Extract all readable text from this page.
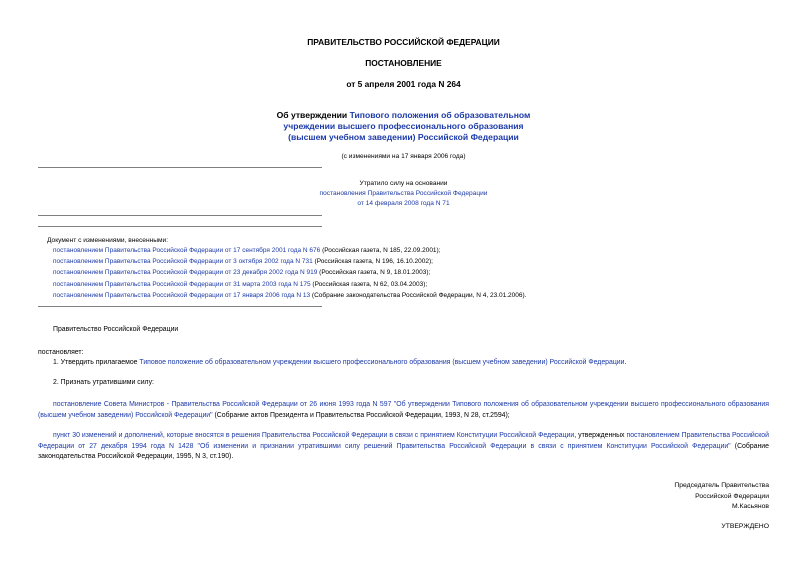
ПРАВИТЕЛЬСТВО РОССИЙСКОЙ ФЕДЕРАЦИИ
ПОСТАНОВЛЕНИЕ
от 5 апреля 2001 года N 264
Об утверждении Типового положения об образовательном
учреждении высшего профессионального образования
(высшем учебном заведении) Российской Федерации
(с изменениями на 17 января 2006 года)
Утратило силу на основании
постановления Правительства Российской Федерации
от 14 февраля 2008 года N 71
Документ с изменениями, внесенными:
постановлением Правительства Российской Федерации от 17 сентября 2001 года N 676 (Российская газета, N 185, 22.09.2001);
постановлением Правительства Российской Федерации от 3 октября 2002 года N 731 (Российская газета, N 196, 16.10.2002);
постановлением Правительства Российской Федерации от 23 декабря 2002 года N 919 (Российская газета, N 9, 18.01.2003);
постановлением Правительства Российской Федерации от 31 марта 2003 года N 175 (Российская газета, N 62, 03.04.2003);
постановлением Правительства Российской Федерации от 17 января 2006 года N 13 (Собрание законодательства Российской Федерации, N 4, 23.01.2006).
Правительство Российской Федерации
постановляет:
1. Утвердить прилагаемое Типовое положение об образовательном учреждении высшего профессионального образования (высшем учебном заведении) Российской Федерации.
2. Признать утратившими силу:
постановление Совета Министров - Правительства Российской Федерации от 26 июня 1993 года N 597 "Об утверждении Типового положения об образовательном учреждении высшего профессионального образования (высшем учебном заведении) Российской Федерации" (Собрание актов Президента и Правительства Российской Федерации, 1993, N 28, ст.2594);
пункт 30 изменений и дополнений, которые вносятся в решения Правительства Российской Федерации в связи с принятием Конституции Российской Федерации, утвержденных постановлением Правительства Российской Федерации от 27 декабря 1994 года N 1428 "Об изменении и признании утратившими силу решений Правительства Российской Федерации в связи с принятием Конституции Российской Федерации" (Собрание законодательства Российской Федерации, 1995, N 3, ст.190).
Председатель Правительства
Российской Федерации
М.Касьянов
УТВЕРЖДЕНО
